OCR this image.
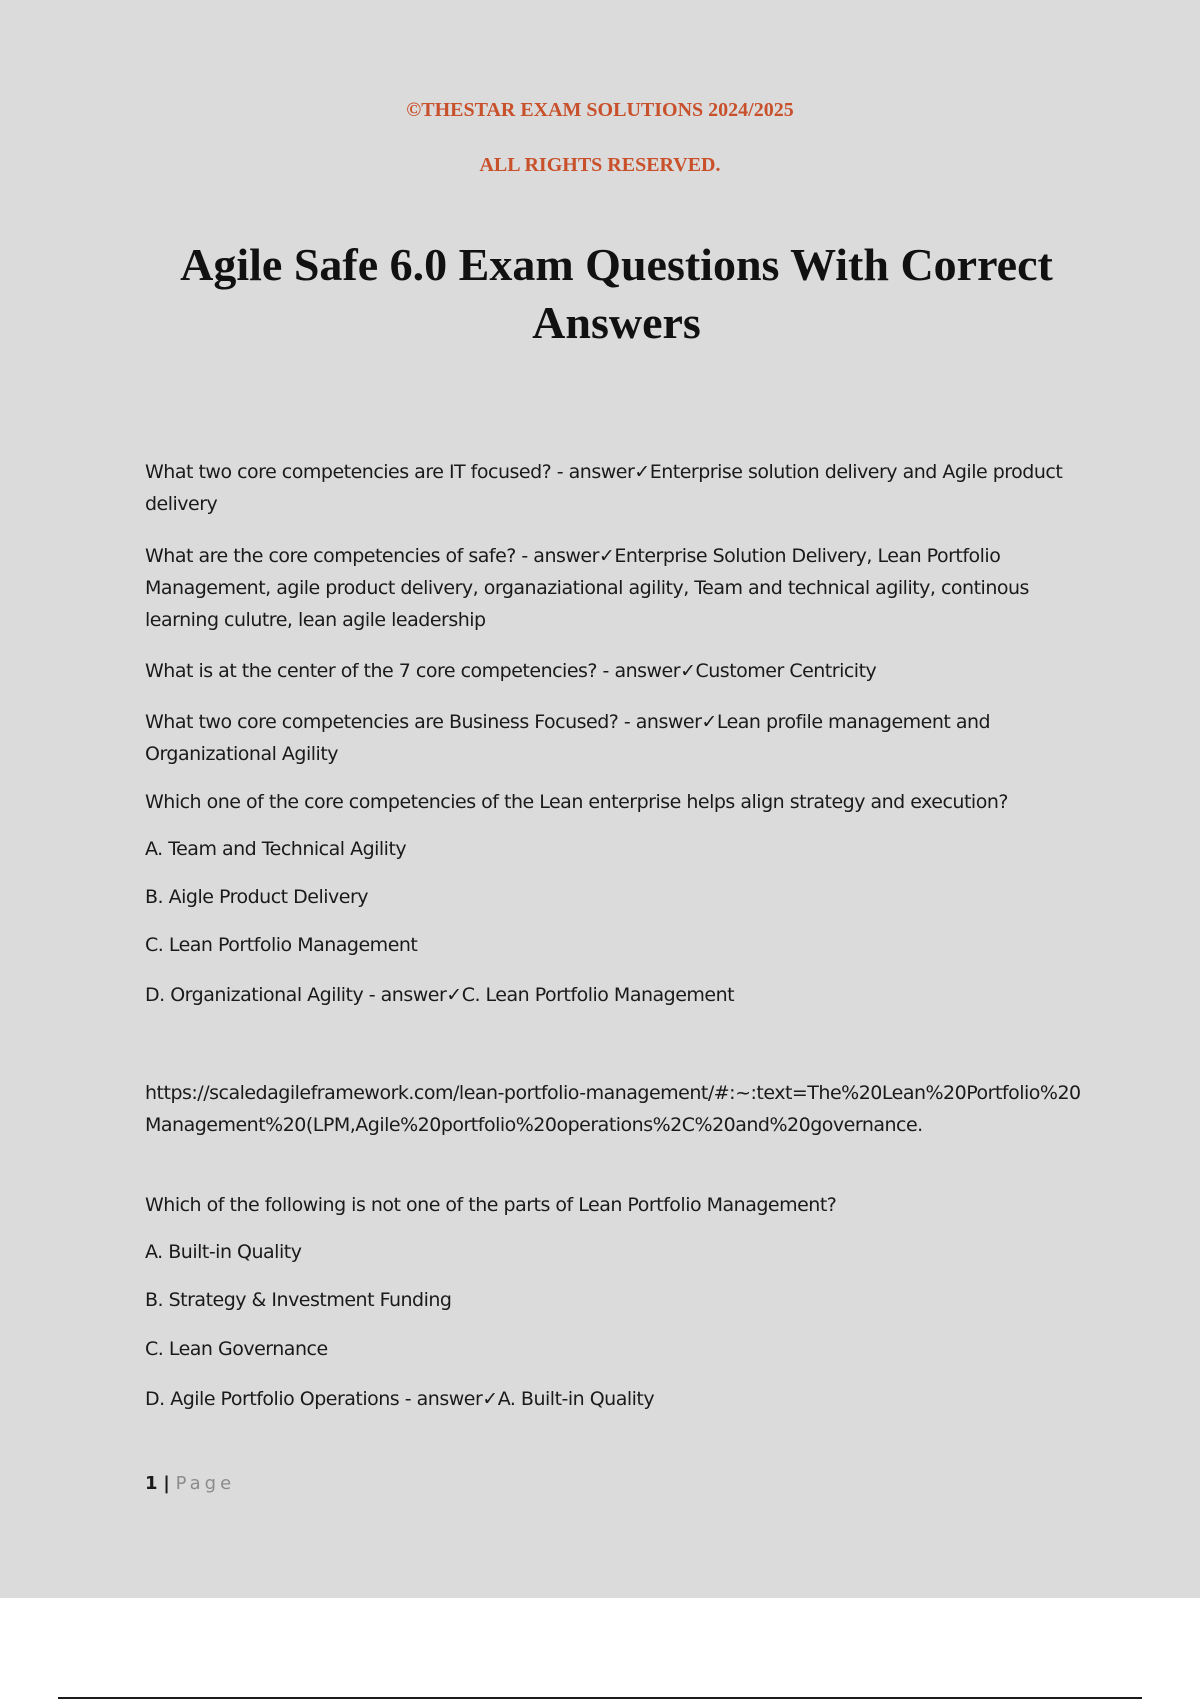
©THESTAR EXAM SOLUTIONS 2024/2025

ALL RIGHTS RESERVED.

Agile Safe 6.0 Exam Questions With Correct Answers

What two core competencies are IT focused? - answer✓Enterprise solution delivery and Agile product delivery

What are the core competencies of safe? - answer✓Enterprise Solution Delivery, Lean Portfolio Management, agile product delivery, organaziational agility, Team and technical agility, continous learning culutre, lean agile leadership

What is at the center of the 7 core competencies? - answer✓Customer Centricity

What two core competencies are Business Focused? - answer✓Lean profile management and Organizational Agility

Which one of the core competencies of the Lean enterprise helps align strategy and execution?

A. Team and Technical Agility

B. Aigle Product Delivery

C. Lean Portfolio Management

D. Organizational Agility - answer✓C. Lean Portfolio Management

https://scaledagileframework.com/lean-portfolio-management/#:~:text=The%20Lean%20Portfolio%20Management%20(LPM,Agile%20portfolio%20operations%2C%20and%20governance.

Which of the following is not one of the parts of Lean Portfolio Management?

A. Built-in Quality

B. Strategy & Investment Funding

C. Lean Governance

D. Agile Portfolio Operations - answer✓A. Built-in Quality

1 | Page
